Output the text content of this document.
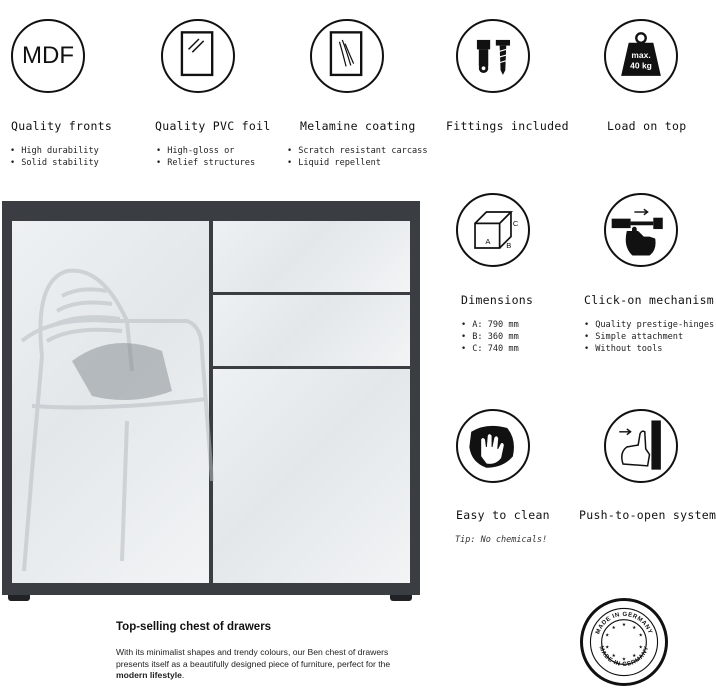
MDF
Quality fronts
• High durability
• Solid stability
Quality PVC foil
• High-gloss or
• Relief structures
Melamine coating
• Scratch resistant carcass
• Liquid repellent
Fittings included
max.
40 kg
Load on top
A B
C
Dimensions
• A: 790 mm
• B: 360 mm
• C: 740 mm
Click-on mechanism
• Quality prestige-hinges
• Simple attachment
• Without tools
Easy to clean
Tip: No chemicals!
Push-to-open system
MADE IN GERMANY
MADE IN GERMANY
★
★
★
★
★
★
★
★
★
★
Top-selling chest of drawers
With its minimalist shapes and trendy colours, our Ben chest of drawers presents itself as a beautifully designed piece of furniture, perfect for the modern lifestyle.
